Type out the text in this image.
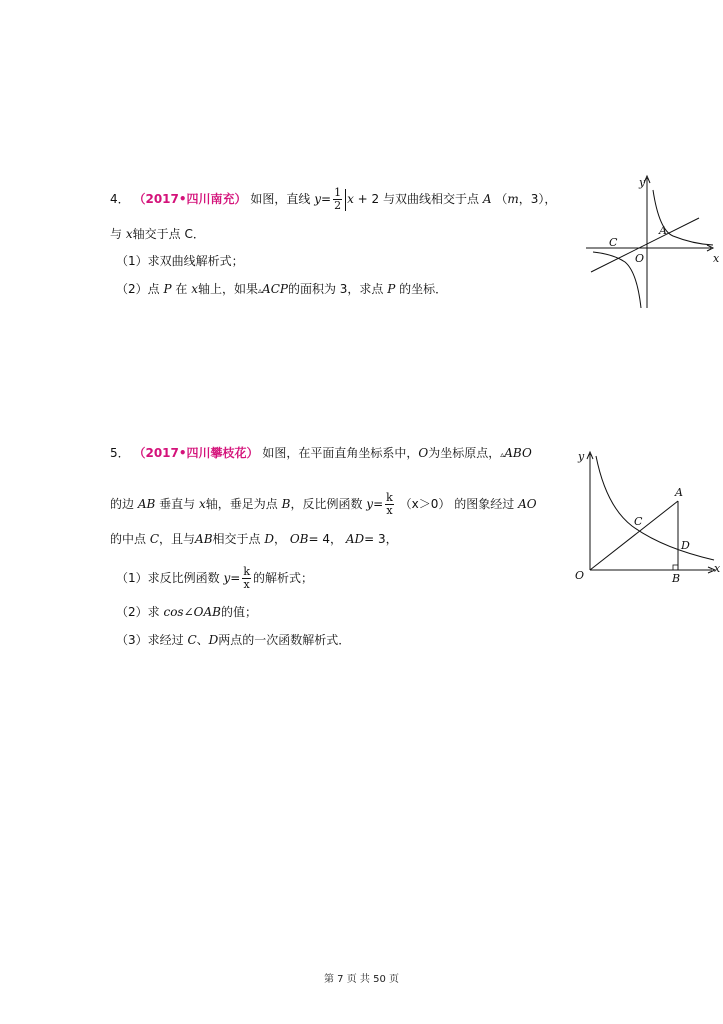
4． （2017•四川南充） 如图，直线 $y= \frac{1}{2}$ x + 2 与双曲线相交于点 A （m，3），
与 x轴交于点 C．
（1）求双曲线解析式；
（2）点 P 在 x轴上，如果▵ACP的面积为 3，求点 P 的坐标．
y
x
C
A
O
5． （2017•四川攀枝花） 如图，在平面直角坐标系中，O为坐标原点，▵ABO
的边 AB 垂直与 x轴，垂足为点 B，反比例函数 $y= \frac{k}{x} (x>0)$ 的图象经过 AO
的中点 C，且与AB相交于点 D， OB= 4， AD= 3，
（1）求反比例函数 $y= \frac{k}{x}$ 的解析式；
（2）求 cos∠OAB的值；
（3）求经过 C、D两点的一次函数解析式．
y
x
O
A
B
C
D
第 7 页 共 50 页
